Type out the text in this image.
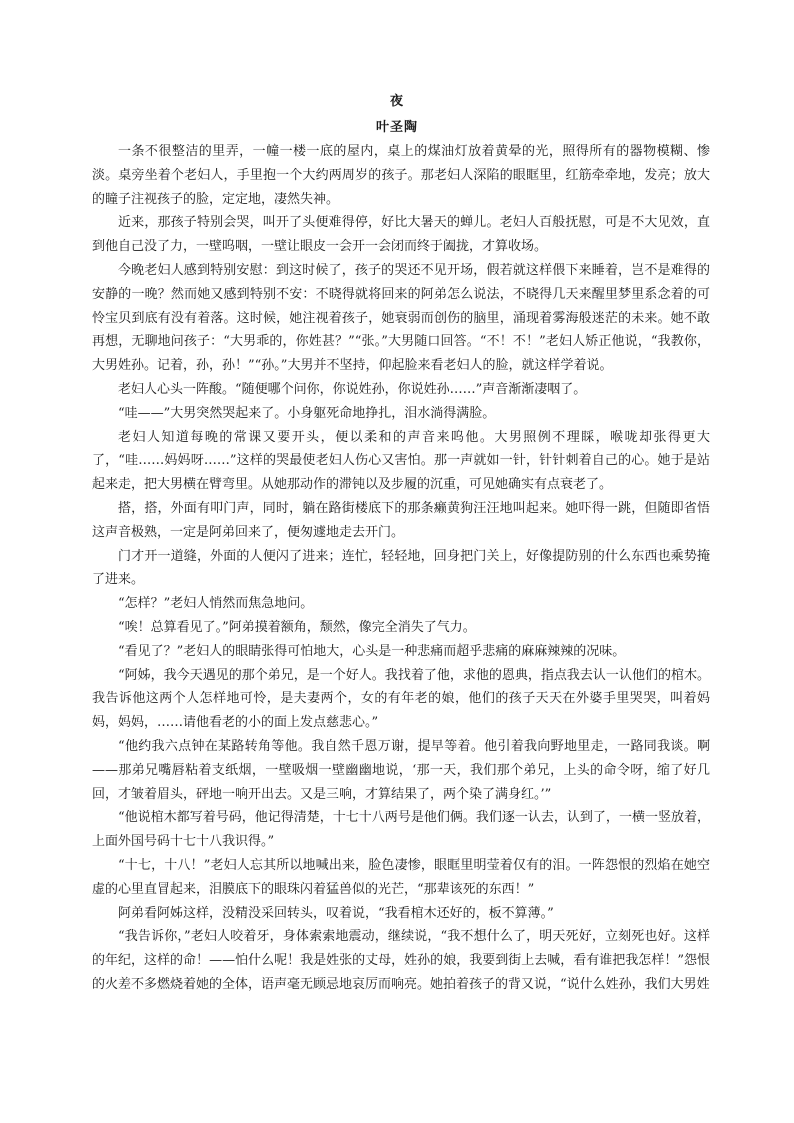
夜
叶圣陶

一条不很整洁的里弄，一幢一楼一底的屋内，桌上的煤油灯放着黄晕的光，照得所有的器物模糊、惨淡。桌旁坐着个老妇人，手里抱一个大约两周岁的孩子。那老妇人深陷的眼眶里，红筋牵牵地，发亮；放大的瞳子注视孩子的脸，定定地，凄然失神。

近来，那孩子特别会哭，叫开了头便难得停，好比大暑天的蝉儿。老妇人百般抚慰，可是不大见效，直到他自己没了力，一壁呜咽，一壁让眼皮一会开一会闭而终于阖拢，才算收场。

今晚老妇人感到特别安慰：到这时候了，孩子的哭还不见开场，假若就这样偎下来睡着，岂不是难得的安静的一晚？然而她又感到特别不安：不晓得就将回来的阿弟怎么说法，不晓得几天来醒里梦里系念着的可怜宝贝到底有没有着落。这时候，她注视着孩子，她衰弱而创伤的脑里，涌现着雾海般迷茫的未来。她不敢再想，无聊地问孩子：“大男乖的，你姓甚？”“张。”大男随口回答。“不！不！”老妇人矫正他说，“我教你，大男姓孙。记着，孙，孙！”“孙。”大男并不坚持，仰起脸来看老妇人的脸，就这样学着说。

老妇人心头一阵酸。“随便哪个问你，你说姓孙，你说姓孙……”声音渐渐凄咽了。

“哇——”大男突然哭起来了。小身躯死命地挣扎，泪水淌得满脸。

老妇人知道每晚的常课又要开头，便以柔和的声音来呜他。大男照例不理睬，喉咙却张得更大了，“哇……妈妈呀……”这样的哭最使老妇人伤心又害怕。那一声就如一针，针针刺着自己的心。她于是站起来走，把大男横在臂弯里。从她那动作的滞钝以及步履的沉重，可见她确实有点衰老了。

搭，搭，外面有叩门声，同时，躺在路街楼底下的那条癞黄狗汪汪地叫起来。她吓得一跳，但随即省悟这声音极熟，一定是阿弟回来了，便匆遽地走去开门。

门才开一道缝，外面的人便闪了进来；连忙，轻轻地，回身把门关上，好像提防别的什么东西也乘势掩了进来。

“怎样？”老妇人悄然而焦急地问。

“唉！总算看见了。”阿弟摸着额角，颓然，像完全消失了气力。

“看见了？”老妇人的眼睛张得可怕地大，心头是一种悲痛而超乎悲痛的麻麻辣辣的况味。

“阿姊，我今天遇见的那个弟兄，是一个好人。我找着了他，求他的恩典，指点我去认一认他们的棺木。我告诉他这两个人怎样地可怜，是夫妻两个，女的有年老的娘，他们的孩子天天在外婆手里哭哭，叫着妈妈，妈妈，……请他看老的小的面上发点慈悲心。”

“他约我六点钟在某路转角等他。我自然千恩万谢，提早等着。他引着我向野地里走，一路同我谈。啊——那弟兄嘴唇粘着支纸烟，一壁吸烟一壁幽幽地说，‘那一天，我们那个弟兄，上头的命令呀，缩了好几回，才皱着眉头，砰地一响开出去。又是三响，才算结果了，两个染了满身红。’”

“他说棺木都写着号码，他记得清楚，十七十八两号是他们俩。我们逐一认去，认到了，一横一竖放着，上面外国号码十七十八我识得。”

“十七，十八！”老妇人忘其所以地喊出来，脸色凄惨，眼眶里明莹着仅有的泪。一阵怨恨的烈焰在她空虚的心里直冒起来，泪膜底下的眼珠闪着猛兽似的光芒，“那辈该死的东西！”

阿弟看阿姊这样，没精没采回转头，叹着说，“我看棺木还好的，板不算薄。”

“我告诉你，”老妇人咬着牙，身体索索地震动，继续说，“我不想什么了，明天死好，立刻死也好。这样的年纪，这样的命！——怕什么呢！我是姓张的丈母，姓孙的娘，我要到街上去喊，看有谁把我怎样！”怨恨的火差不多燃烧着她的全体，语声毫无顾忌地哀厉而响亮。她拍着孩子的背又说，“说什么姓孙，我们大男姓
